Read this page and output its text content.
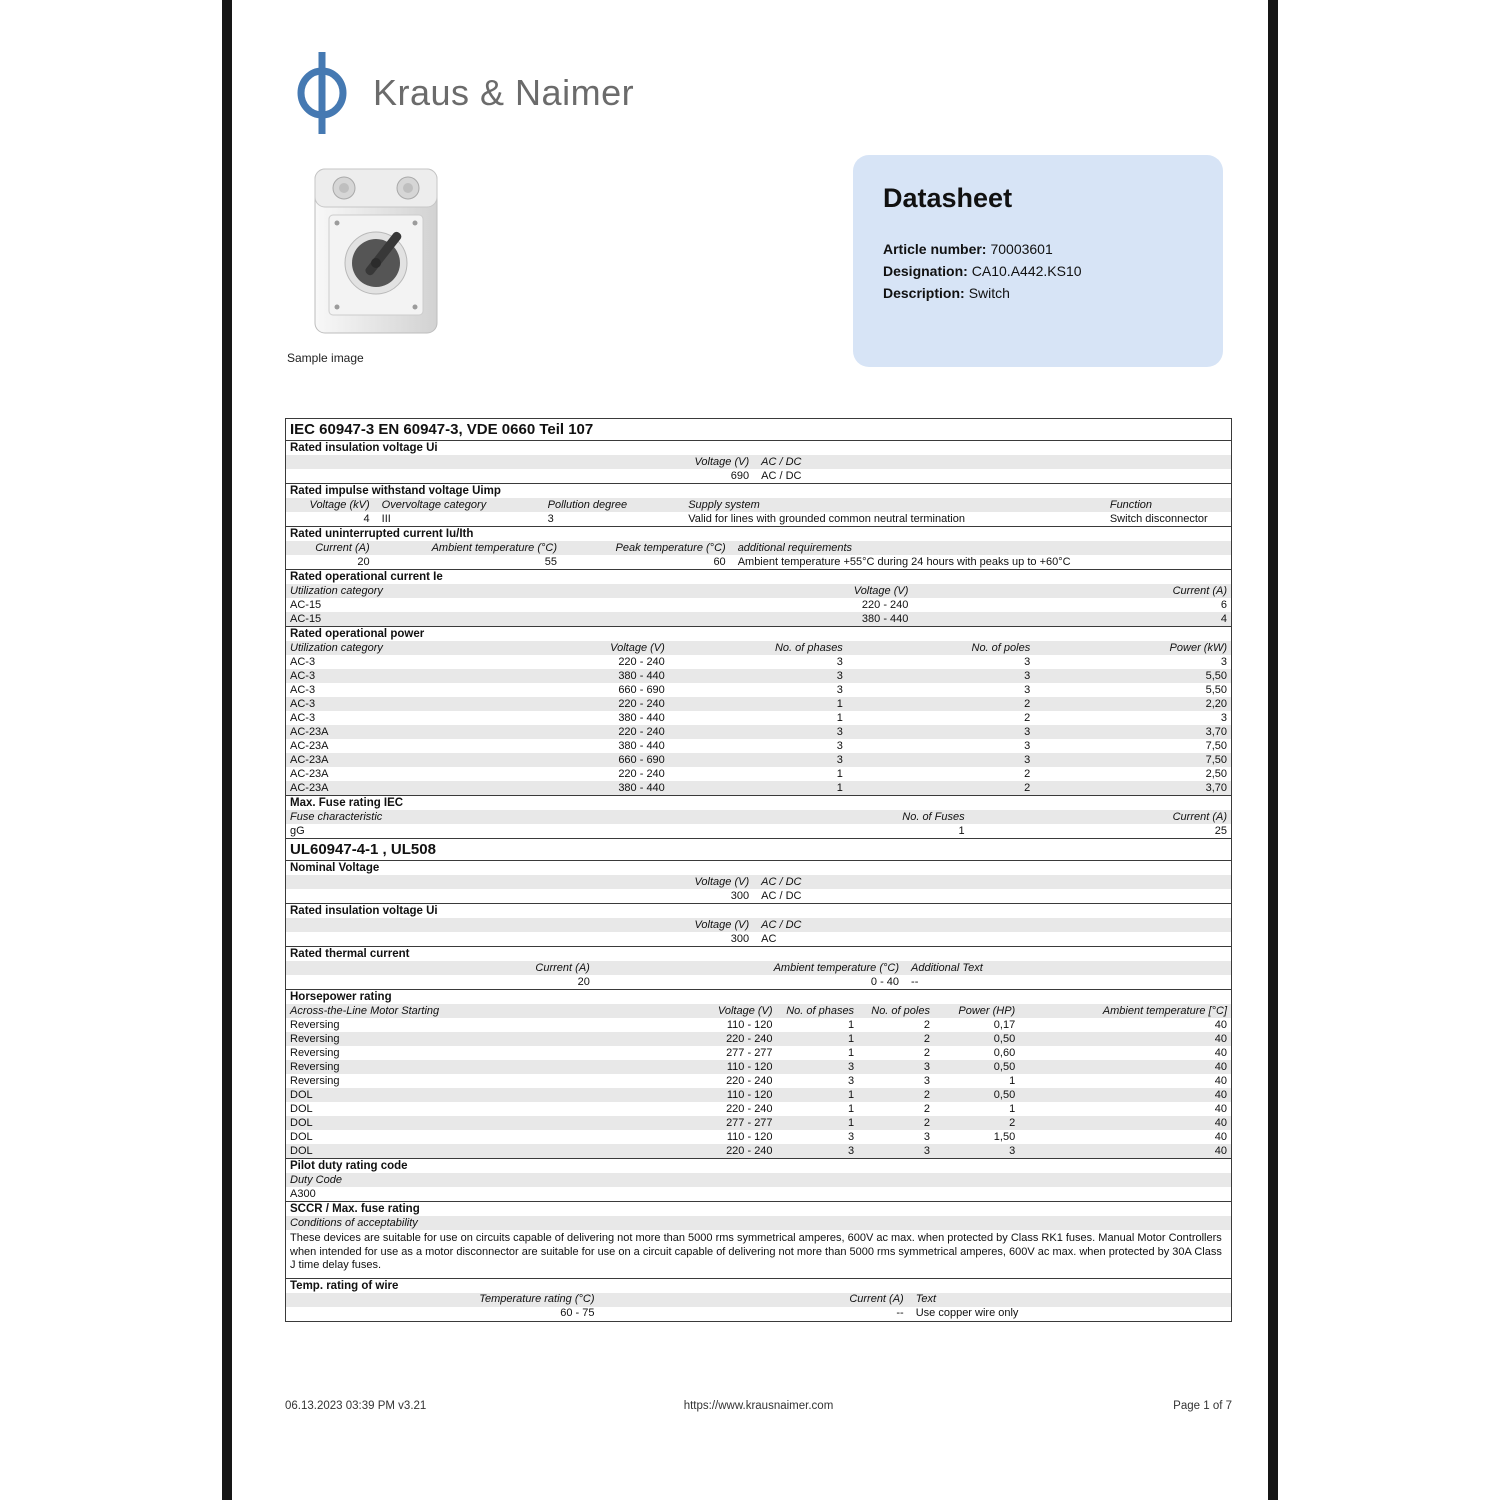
Kraus & Naimer
Sample image
Datasheet

Article number: 70003601

Designation: CA10.A442.KS10

Description: Switch

IEC 60947-3 EN 60947-3, VDE 0660 Teil 107
Rated insulation voltage Ui
Voltage (V)	AC / DC
690	AC / DC
Rated impulse withstand voltage Uimp
Voltage (kV)	Overvoltage category	Pollution degree	Supply system	Function
4	III	3	Valid for lines with grounded common neutral termination	Switch disconnector
Rated uninterrupted current Iu/Ith
Current (A)	Ambient temperature (°C)	Peak temperature (°C)	additional requirements
20	55	60	Ambient temperature +55°C during 24 hours with peaks up to +60°C
Rated operational current Ie
Utilization category	Voltage (V)	Current (A)
AC-15	220 - 240	6
AC-15	380 - 440	4
Rated operational power
Utilization category	Voltage (V)	No. of phases	No. of poles	Power (kW)
AC-3	220 - 240	3	3	3
AC-3	380 - 440	3	3	5,50
AC-3	660 - 690	3	3	5,50
AC-3	220 - 240	1	2	2,20
AC-3	380 - 440	1	2	3
AC-23A	220 - 240	3	3	3,70
AC-23A	380 - 440	3	3	7,50
AC-23A	660 - 690	3	3	7,50
AC-23A	220 - 240	1	2	2,50
AC-23A	380 - 440	1	2	3,70
Max. Fuse rating IEC
Fuse characteristic	No. of Fuses	Current (A)
gG	1	25
UL60947-4-1 , UL508
Nominal Voltage
Voltage (V)	AC / DC
300	AC / DC
Rated insulation voltage Ui
Voltage (V)	AC / DC
300	AC
Rated thermal current
Current (A)	Ambient temperature (°C)	Additional Text
20	0 - 40	--
Horsepower rating
Across-the-Line Motor Starting	Voltage (V)	No. of phases	No. of poles	Power (HP)	Ambient temperature [°C]
Reversing	110 - 120	1	2	0,17	40
Reversing	220 - 240	1	2	0,50	40
Reversing	277 - 277	1	2	0,60	40
Reversing	110 - 120	3	3	0,50	40
Reversing	220 - 240	3	3	1	40
DOL	110 - 120	1	2	0,50	40
DOL	220 - 240	1	2	1	40
DOL	277 - 277	1	2	2	40
DOL	110 - 120	3	3	1,50	40
DOL	220 - 240	3	3	3	40
Pilot duty rating code
Duty Code
A300
SCCR / Max. fuse rating
Conditions of acceptability
These devices are suitable for use on circuits capable of delivering not more than 5000 rms symmetrical amperes, 600V ac max. when protected by Class RK1 fuses. Manual Motor Controllers when intended for use as a motor disconnector are suitable for use on a circuit capable of delivering not more than 5000 rms symmetrical amperes, 600V ac max. when protected by 30A Class J time delay fuses.
Temp. rating of wire
Temperature rating (°C)	Current (A)	Text
60 - 75	--	Use copper wire only
06.13.2023 03:39 PM v3.21	https://www.krausnaimer.com	Page 1 of 7
